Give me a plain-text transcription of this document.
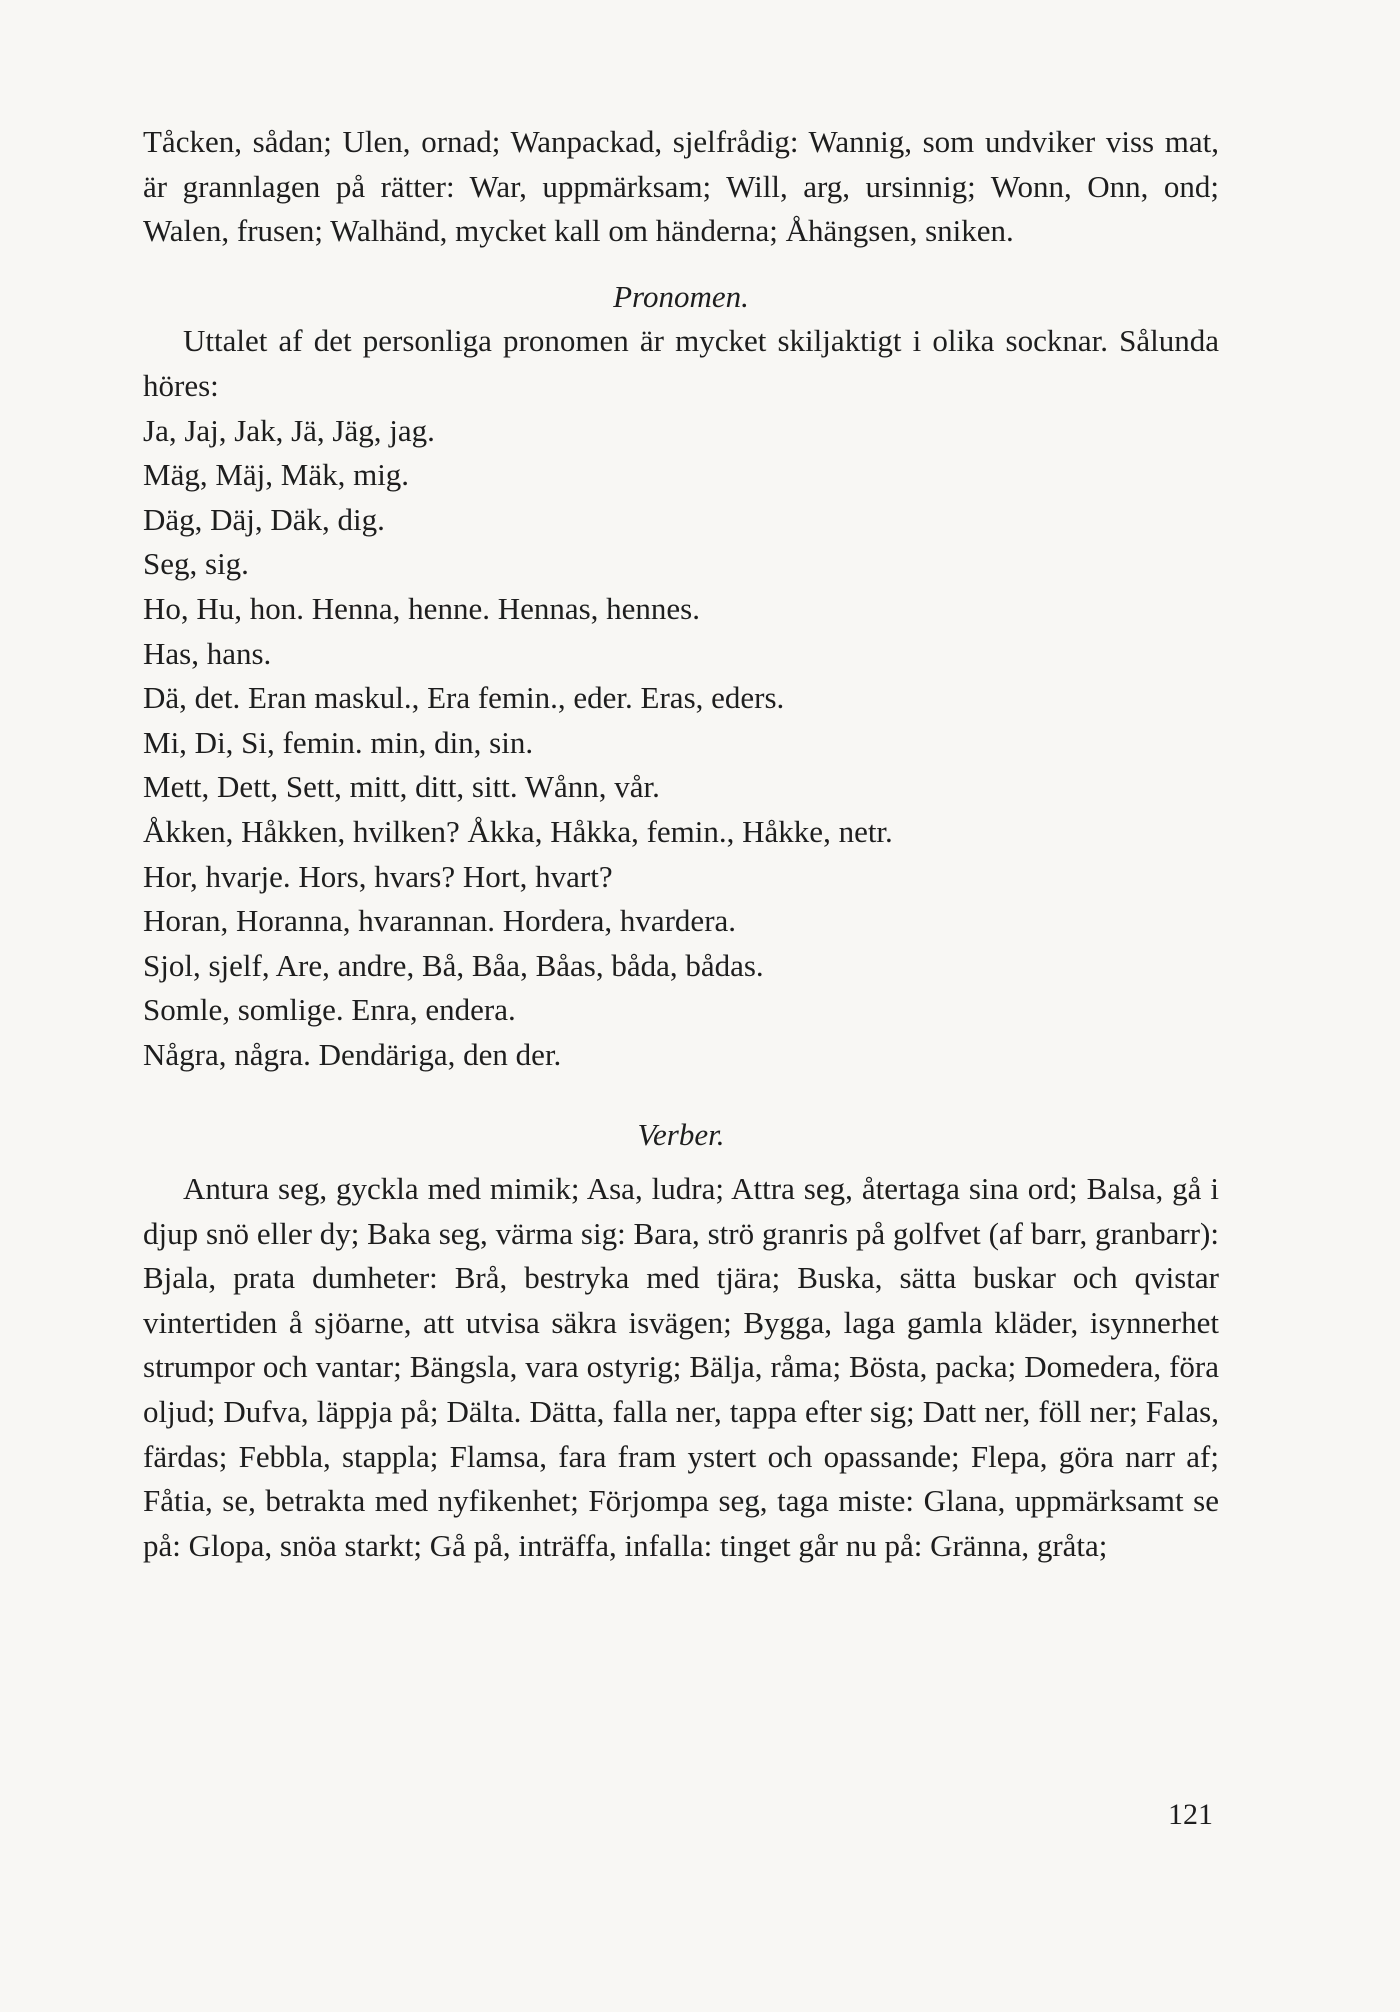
Tåcken, sådan; Ulen, ornad; Wanpackad, sjelfrådig: Wannig, som undviker viss mat, är grannlagen på rätter: War, uppmärksam; Will, arg, ursinnig; Wonn, Onn, ond; Walen, frusen; Walhänd, mycket kall om händerna; Åhängsen, sniken.

Pronomen.

Uttalet af det personliga pronomen är mycket skiljaktigt i olika socknar. Sålunda höres:

Ja, Jaj, Jak, Jä, Jäg, jag.
Mäg, Mäj, Mäk, mig.
Däg, Däj, Däk, dig.
Seg, sig.
Ho, Hu, hon. Henna, henne. Hennas, hennes.
Has, hans.
Dä, det. Eran maskul., Era femin., eder. Eras, eders.
Mi, Di, Si, femin. min, din, sin.
Mett, Dett, Sett, mitt, ditt, sitt. Wånn, vår.
Åkken, Håkken, hvilken? Åkka, Håkka, femin., Håkke, netr.
Hor, hvarje. Hors, hvars? Hort, hvart?
Horan, Horanna, hvarannan. Hordera, hvardera.
Sjol, sjelf, Are, andre, Bå, Båa, Båas, båda, bådas.
Somle, somlige. Enra, endera.
Några, några. Dendäriga, den der.

Verber.

Antura seg, gyckla med mimik; Asa, ludra; Attra seg, återtaga sina ord; Balsa, gå i djup snö eller dy; Baka seg, värma sig: Bara, strö granris på golfvet (af barr, granbarr): Bjala, prata dumheter: Brå, bestryka med tjära; Buska, sätta buskar och qvistar vintertiden å sjöarne, att utvisa säkra isvägen; Bygga, laga gamla kläder, isynnerhet strumpor och vantar; Bängsla, vara ostyrig; Bälja, råma; Bösta, packa; Domedera, föra oljud; Dufva, läppja på; Dälta. Dätta, falla ner, tappa efter sig; Datt ner, föll ner; Falas, färdas; Febbla, stappla; Flamsa, fara fram ystert och opassande; Flepa, göra narr af; Fåtia, se, betrakta med nyfikenhet; Förjompa seg, taga miste: Glana, uppmärksamt se på: Glopa, snöa starkt; Gå på, inträffa, infalla: tinget går nu på: Gränna, gråta;

121
